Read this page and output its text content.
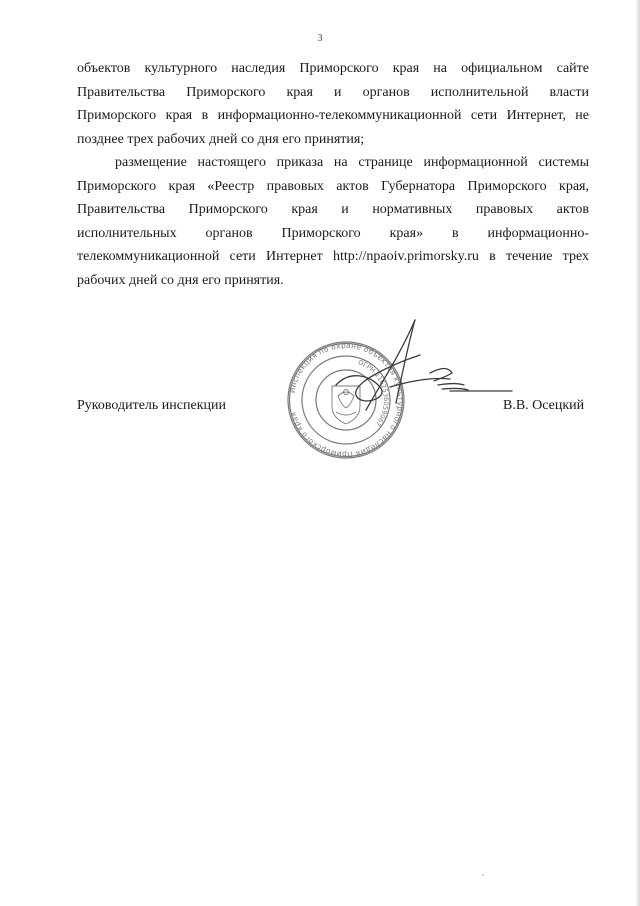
3
объектов культурного наследия Приморского края на официальном сайте
Правительства Приморского края и органов исполнительной власти
Приморского края в информационно-телекоммуникационной сети Интернет, не
позднее трех рабочих дней со дня его принятия;
размещение настоящего приказа на странице информационной системы
Приморского края «Реестр правовых актов Губернатора Приморского края,
Правительства Приморского края и нормативных правовых актов
исполнительных органов Приморского края» в информационно-
телекоммуникационной сети Интернет http://npaoiv.primorsky.ru в течение трех
рабочих дней со дня его принятия.
Руководитель инспекции
Инспекция по охране объектов культурного наследия Приморского края
ОГРН 1162536059067
В.В. Осецкий
